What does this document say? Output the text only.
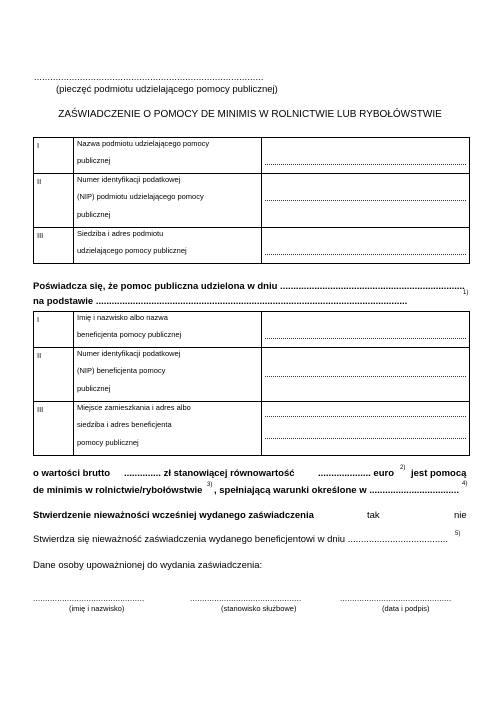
.....................................................................................
(pieczęć podmiotu udzielającego pomocy publicznej)
ZAŚWIADCZENIE O POMOCY DE MINIMIS W ROLNICTWIE LUB RYBOŁÓWSTWIE
I	Nazwa podmiotu udzielającego pomocy
publicznej	

II	Numer identyfikacji podatkowej
(NIP) podmiotu udzielającego pomocy
publicznej	

III	Siedziba i adres podmiotu
udzielającego pomocy publicznej	

Poświadcza się, że pomoc publiczna udzielona w dniu ......................................................................
1)
na podstawie ......................................................................................................................
I	Imię i nazwisko albo nazwa
beneficjenta pomocy publicznej	

II	Numer identyfikacji podatkowej
(NIP) beneficjenta pomocy
publicznej	

III	Miejsce zamieszkania i adres albo
siedziba i adres beneficjenta
pomocy publicznej	

o wartości brutto .............. zł stanowiącej równowartość .................... euro 2) jest pomocą
de minimis w rolnictwie/rybołówstwie 3) , spełniającą warunki określone w ..................................
4)
Stwierdzenie nieważności wcześniej wydanego zaświadczenia	tak	nie
Stwierdza się nieważność zaświadczenia wydanego beneficjentowi w dniu ...................................... 5)
Dane osoby upoważnionej do wydania zaświadczenia:
..............................................	..............................................	..............................................
(imię i nazwisko)	(stanowisko służbowe)	(data i podpis)
